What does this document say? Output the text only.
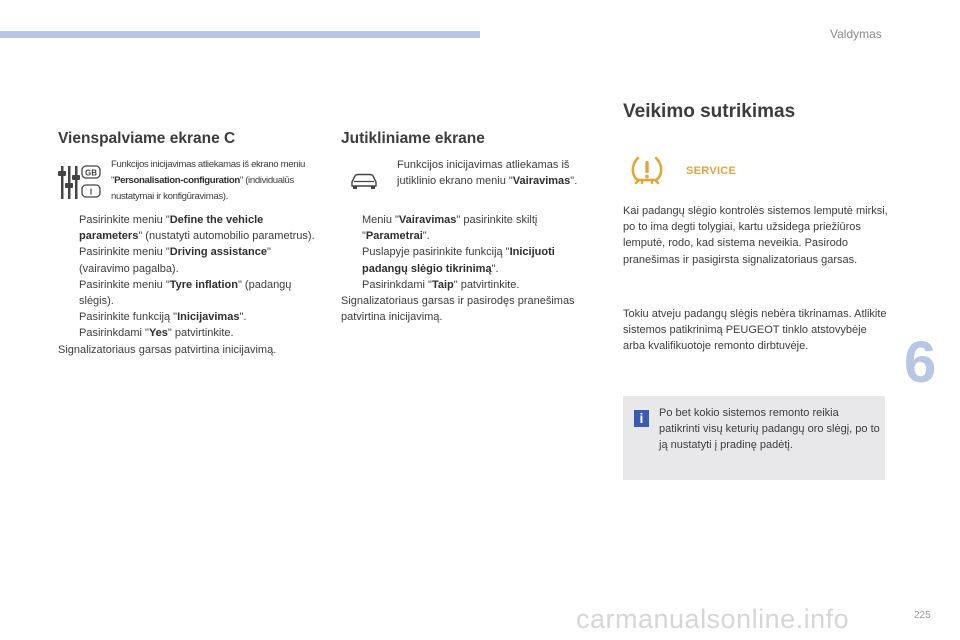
Valdymas
6
225
Vienspalviame ekrane C
GB
I
Funkcijos inicijavimas atliekamas iš ekrano meniu "Personalisation-configuration" (individualūs nustatymai ir konfigūravimas).
Pasirinkite meniu "Define the vehicle parameters" (nustatyti automobilio parametrus).
Pasirinkite meniu "Driving assistance" (vairavimo pagalba).
Pasirinkite meniu "Tyre inflation" (padangų slėgis).
Pasirinkite funkciją "Inicijavimas".
Pasirinkdami "Yes" patvirtinkite.
Signalizatoriaus garsas patvirtina inicijavimą.
Jutikliniame ekrane
Funkcijos inicijavimas atliekamas iš jutiklinio ekrano meniu "Vairavimas".
Meniu "Vairavimas" pasirinkite skiltį "Parametrai".
Puslapyje pasirinkite funkciją "Inicijuoti padangų slėgio tikrinimą".
Pasirinkdami "Taip" patvirtinkite.
Signalizatoriaus garsas ir pasirodęs pranešimas patvirtina inicijavimą.
Veikimo sutrikimas
SERVICE
Kai padangų slėgio kontrolės sistemos lemputė mirksi, po to ima degti tolygiai, kartu užsidega priežiūros lemputė, rodo, kad sistema neveikia. Pasirodo pranešimas ir pasigirsta signalizatoriaus garsas.
Tokiu atveju padangų slėgis nebėra tikrinamas. Atlikite sistemos patikrinimą PEUGEOT tinklo atstovybėje arba kvalifikuotoje remonto dirbtuvėje.
i	Po bet kokio sistemos remonto reikia patikrinti visų keturių padangų oro slėgį, po to ją nustatyti į pradinę padėtį.
carmanualsonline.info
